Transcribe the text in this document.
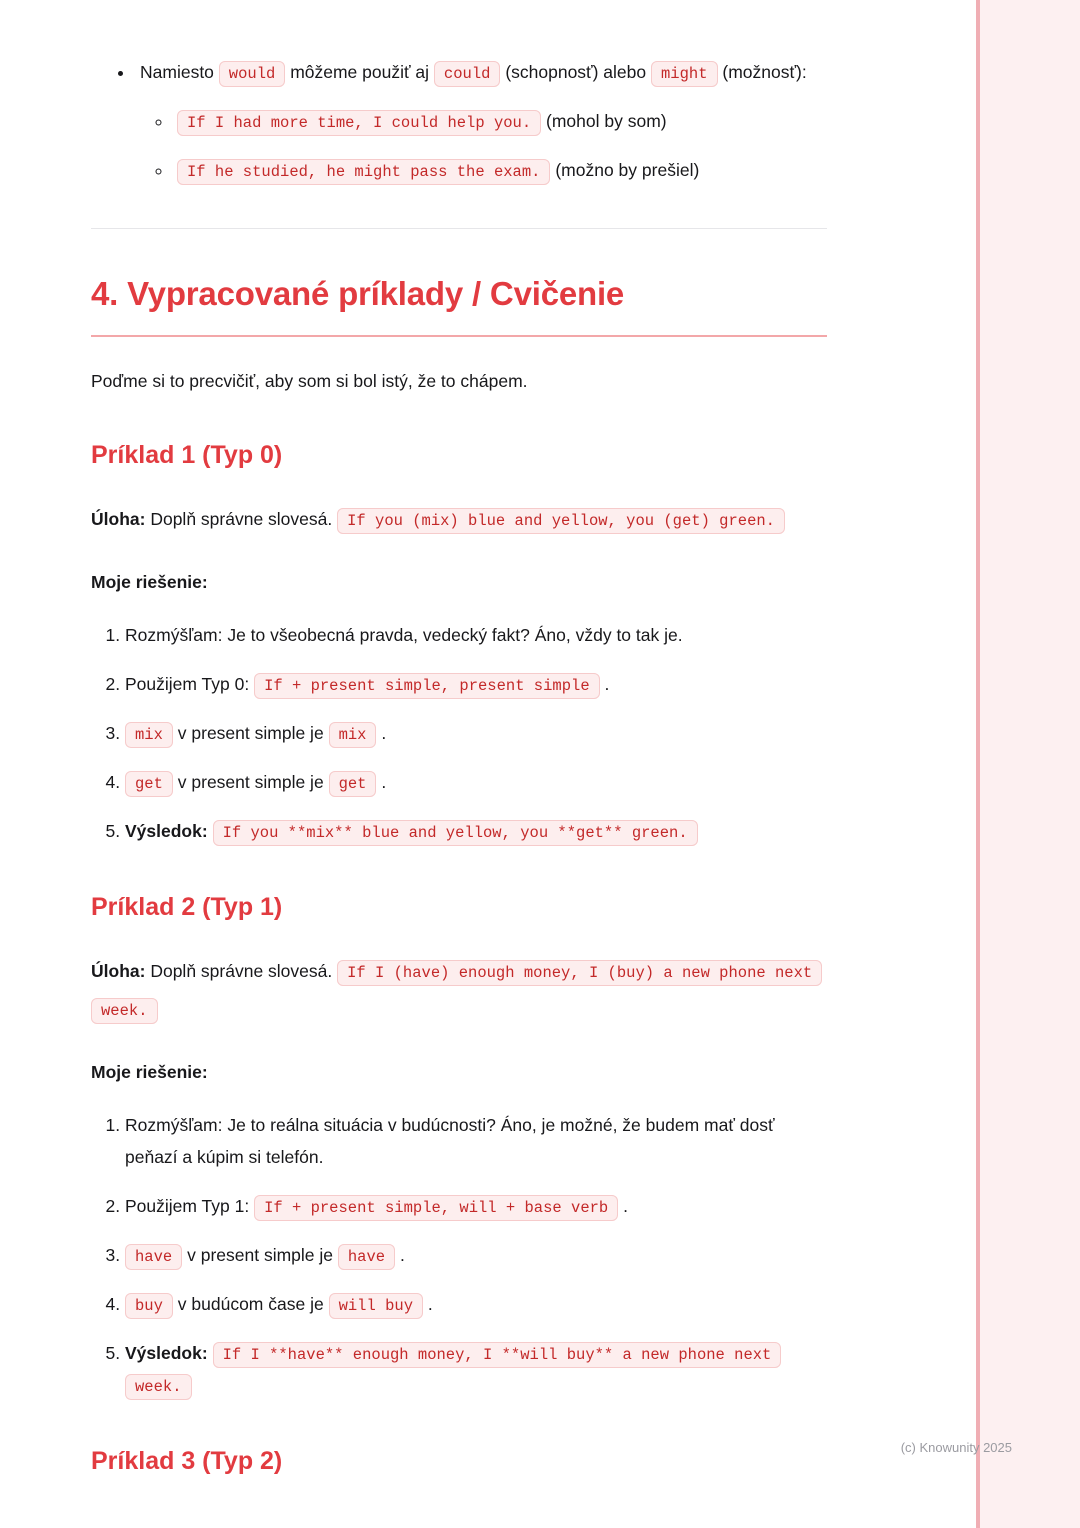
• Namiesto would môžeme použiť aj could (schopnosť) alebo might (možnosť):
◦ If I had more time, I could help you. (mohol by som)
◦ If he studied, he might pass the exam. (možno by prešiel)
4. Vypracované príklady / Cvičenie

Poďme si to precvičiť, aby som si bol istý, že to chápem.

Príklad 1 (Typ 0)

Úloha: Doplň správne slovesá. If you (mix) blue and yellow, you (get) green.

Moje riešenie:

1. Rozmýšľam: Je to všeobecná pravda, vedecký fakt? Áno, vždy to tak je.
2. Použijem Typ 0: If + present simple, present simple .
3. mix v present simple je mix .
4. get v present simple je get .
5. Výsledok: If you **mix** blue and yellow, you **get** green.
Príklad 2 (Typ 1)

Úloha: Doplň správne slovesá. If I (have) enough money, I (buy) a new phone next week.

Moje riešenie:

1. Rozmýšľam: Je to reálna situácia v budúcnosti? Áno, je možné, že budem mať dosť peňazí a kúpim si telefón.
2. Použijem Typ 1: If + present simple, will + base verb .
3. have v present simple je have .
4. buy v budúcom čase je will buy .
5. Výsledok: If I **have** enough money, I **will buy** a new phone next week.
Príklad 3 (Typ 2)	(c) Knowunity 2025
